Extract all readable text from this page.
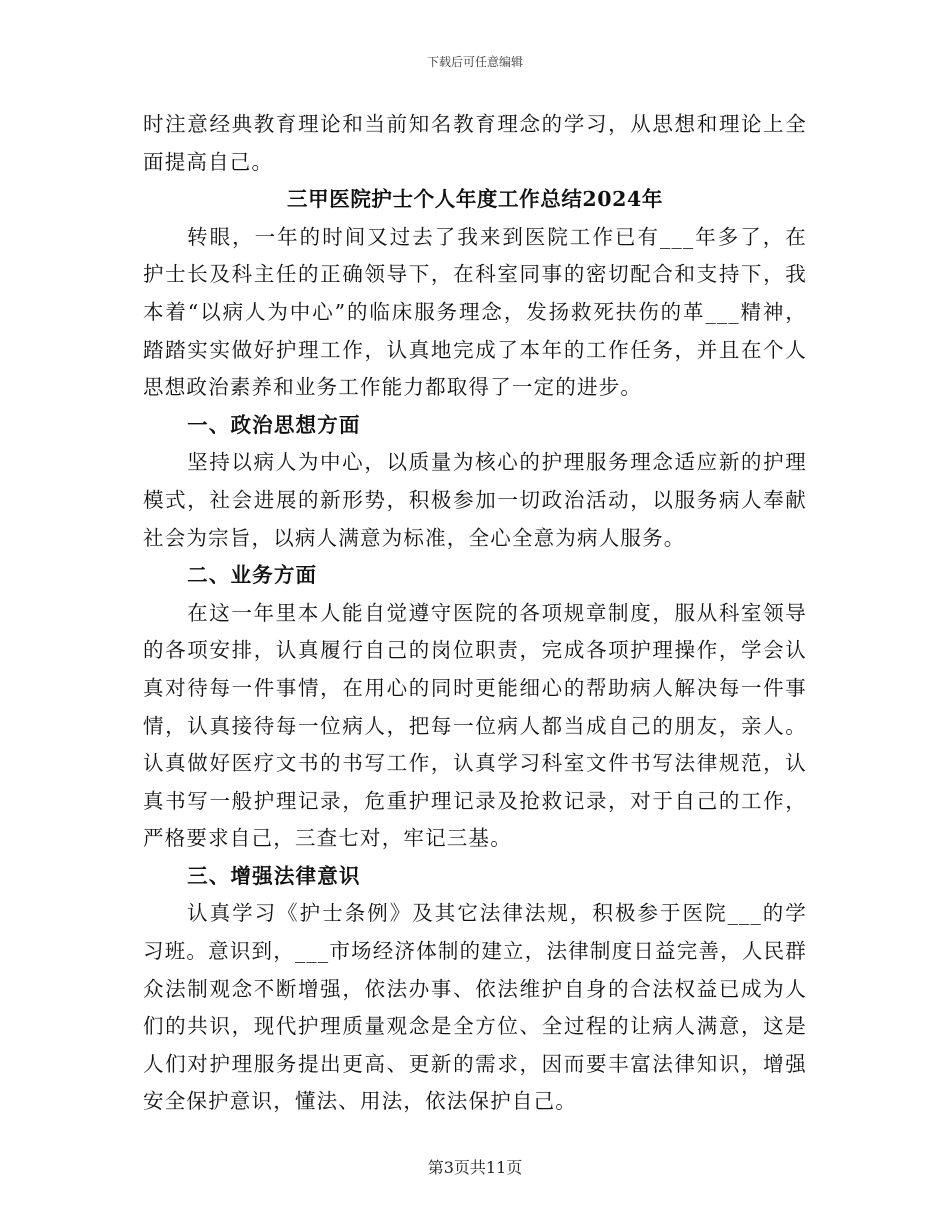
下载后可任意编辑

时注意经典教育理论和当前知名教育理念的学习，从思想和理论上全面提高自己。

三甲医院护士个人年度工作总结2024年

转眼，一年的时间又过去了我来到医院工作已有___年多了，在护士长及科主任的正确领导下，在科室同事的密切配合和支持下，我本着“以病人为中心”的临床服务理念，发扬救死扶伤的革___精神，踏踏实实做好护理工作，认真地完成了本年的工作任务，并且在个人思想政治素养和业务工作能力都取得了一定的进步。

一、政治思想方面

坚持以病人为中心，以质量为核心的护理服务理念适应新的护理模式，社会进展的新形势，积极参加一切政治活动，以服务病人奉献社会为宗旨，以病人满意为标准，全心全意为病人服务。

二、业务方面

在这一年里本人能自觉遵守医院的各项规章制度，服从科室领导的各项安排，认真履行自己的岗位职责，完成各项护理操作，学会认真对待每一件事情，在用心的同时更能细心的帮助病人解决每一件事情，认真接待每一位病人，把每一位病人都当成自己的朋友，亲人。认真做好医疗文书的书写工作，认真学习科室文件书写法律规范，认真书写一般护理记录，危重护理记录及抢救记录，对于自己的工作，严格要求自己，三查七对，牢记三基。

三、增强法律意识

认真学习《护士条例》及其它法律法规，积极参于医院___的学习班。意识到，___市场经济体制的建立，法律制度日益完善，人民群众法制观念不断增强，依法办事、依法维护自身的合法权益已成为人们的共识，现代护理质量观念是全方位、全过程的让病人满意，这是人们对护理服务提出更高、更新的需求，因而要丰富法律知识，增强安全保护意识，懂法、用法，依法保护自己。

第3页共11页
